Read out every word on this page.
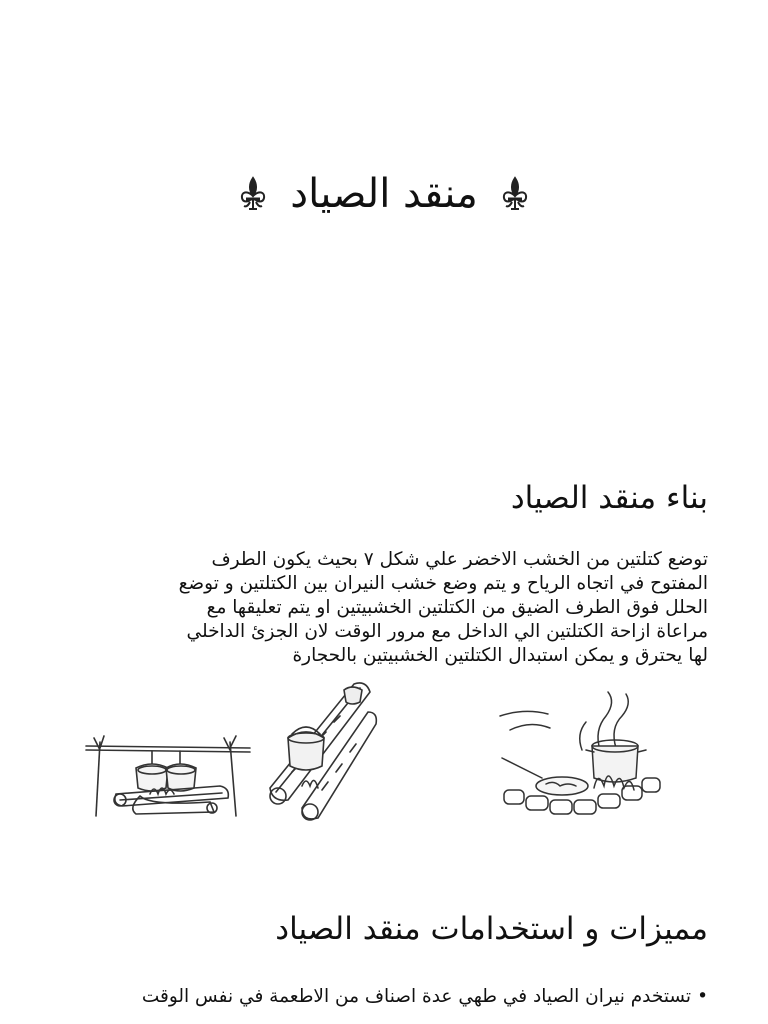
منقد الصياد
بناء منقد الصياد
توضع كتلتين من الخشب الاخضر علي شكل ٧ بحيث يكون الطرف
المفتوح في اتجاه الرياح و يتم وضع خشب النيران بين الكتلتين و توضع
الحلل فوق الطرف الضيق من الكتلتين الخشبيتين او يتم تعليقها مع
مراعاة ازاحة الكتلتين الي الداخل مع مرور الوقت لان الجزئ الداخلي
لها يحترق و يمكن استبدال الكتلتين الخشبيتين بالحجارة
مميزات و استخدامات منقد الصياد
•تستخدم نيران الصياد في طهي عدة اصناف من الاطعمة في نفس الوقت
